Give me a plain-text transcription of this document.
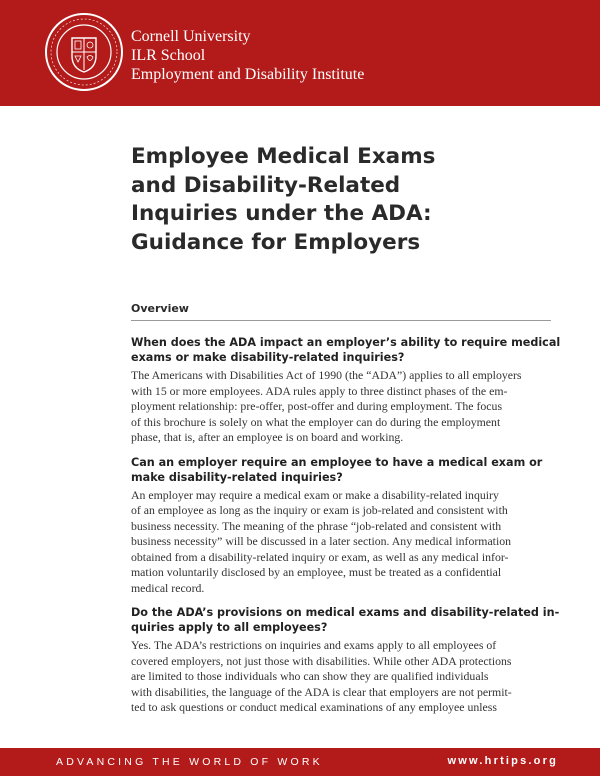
Cornell University
ILR School
Employment and Disability Institute
Employee Medical Exams
and Disability-Related
Inquiries under the ADA:
Guidance for Employers
Overview
When does the ADA impact an employer’s ability to require medical
exams or make disability-related inquiries?
The Americans with Disabilities Act of 1990 (the “ADA”) applies to all employers
with 15 or more employees. ADA rules apply to three distinct phases of the em-
ployment relationship: pre-offer, post-offer and during employment. The focus
of this brochure is solely on what the employer can do during the employment
phase, that is, after an employee is on board and working.
Can an employer require an employee to have a medical exam or
make disability-related inquiries?
An employer may require a medical exam or make a disability-related inquiry
of an employee as long as the inquiry or exam is job-related and consistent with
business necessity. The meaning of the phrase “job-related and consistent with
business necessity” will be discussed in a later section. Any medical information
obtained from a disability-related inquiry or exam, as well as any medical infor-
mation voluntarily disclosed by an employee, must be treated as a confidential
medical record.
Do the ADA’s provisions on medical exams and disability-related in-
quiries apply to all employees?
Yes. The ADA’s restrictions on inquiries and exams apply to all employees of
covered employers, not just those with disabilities. While other ADA protections
are limited to those individuals who can show they are qualified individuals
with disabilities, the language of the ADA is clear that employers are not permit-
ted to ask questions or conduct medical examinations of any employee unless
ADVANCING THE WORLD OF WORK	www.hrtips.org
